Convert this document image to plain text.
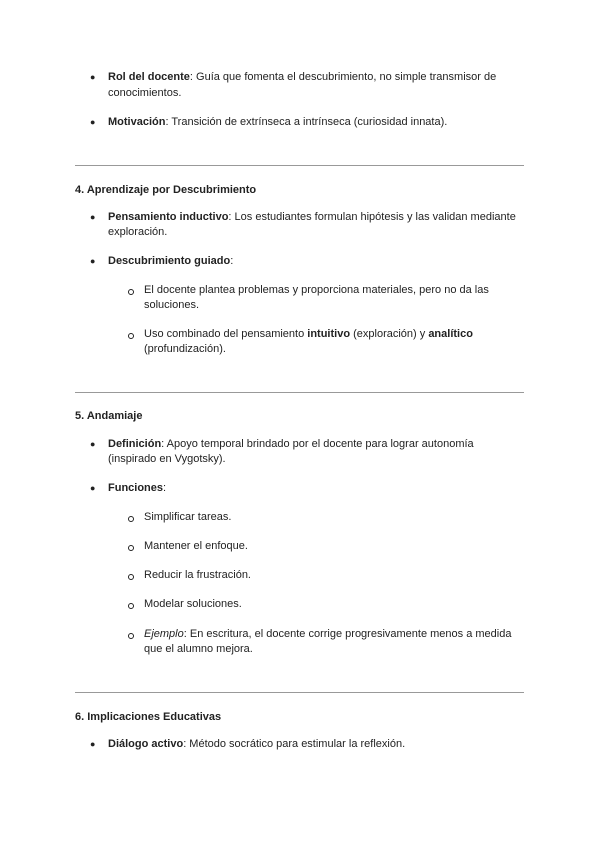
● Rol del docente: Guía que fomenta el descubrimiento, no simple transmisor de
conocimientos.
● Motivación: Transición de extrínseca a intrínseca (curiosidad innata).
4. Aprendizaje por Descubrimiento
● Pensamiento inductivo: Los estudiantes formulan hipótesis y las validan mediante
exploración.
● Descubrimiento guiado:
El docente plantea problemas y proporciona materiales, pero no da las
soluciones.
Uso combinado del pensamiento intuitivo (exploración) y analítico
(profundización).
5. Andamiaje
● Definición: Apoyo temporal brindado por el docente para lograr autonomía
(inspirado en Vygotsky).
● Funciones:
Simplificar tareas.
Mantener el enfoque.
Reducir la frustración.
Modelar soluciones.
Ejemplo: En escritura, el docente corrige progresivamente menos a medida
que el alumno mejora.
6. Implicaciones Educativas
● Diálogo activo: Método socrático para estimular la reflexión.
